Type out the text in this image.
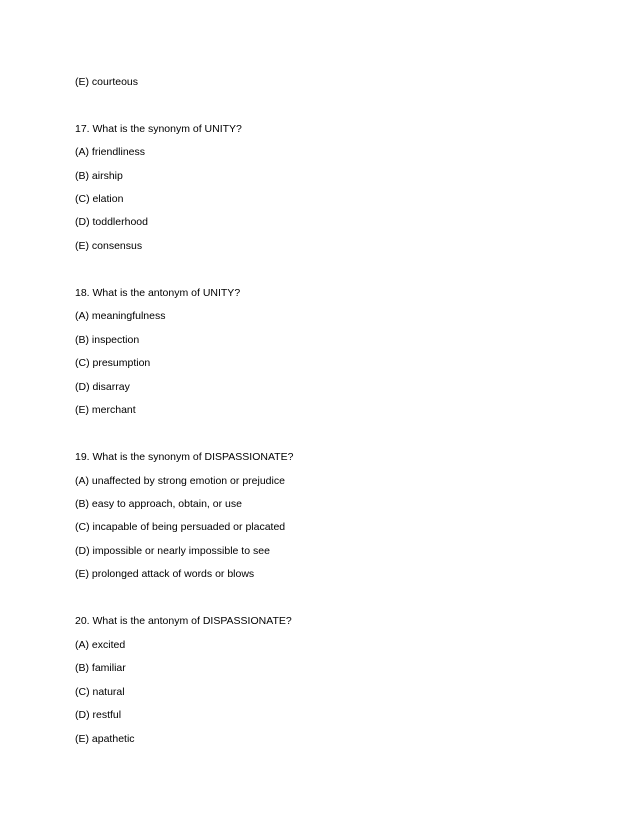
(E) courteous
17. What is the synonym of UNITY?
(A) friendliness
(B) airship
(C) elation
(D) toddlerhood
(E) consensus
18. What is the antonym of UNITY?
(A) meaningfulness
(B) inspection
(C) presumption
(D) disarray
(E) merchant
19. What is the synonym of DISPASSIONATE?
(A) unaffected by strong emotion or prejudice
(B) easy to approach, obtain, or use
(C) incapable of being persuaded or placated
(D) impossible or nearly impossible to see
(E) prolonged attack of words or blows
20. What is the antonym of DISPASSIONATE?
(A) excited
(B) familiar
(C) natural
(D) restful
(E) apathetic
